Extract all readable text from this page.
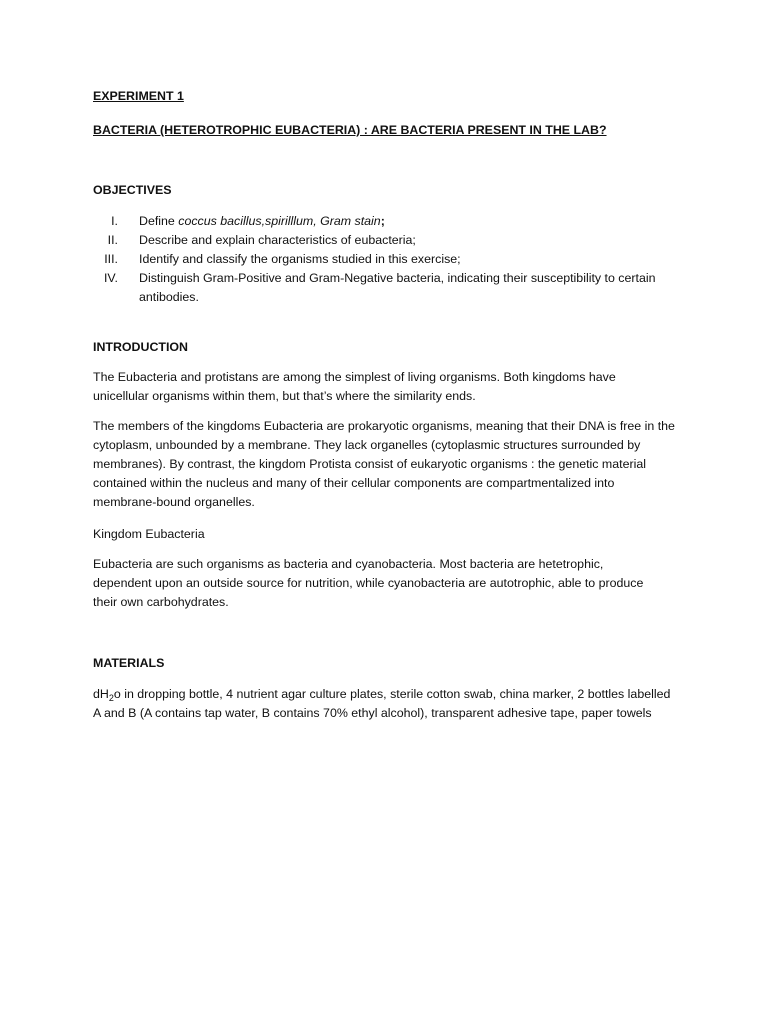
EXPERIMENT 1
BACTERIA (HETEROTROPHIC EUBACTERIA) : ARE BACTERIA PRESENT IN THE LAB?
OBJECTIVES
I. Define coccus bacillus,spirilllum, Gram stain;
II. Describe and explain characteristics of eubacteria;
III. Identify and classify the organisms studied in this exercise;
IV. Distinguish Gram-Positive and Gram-Negative bacteria, indicating their susceptibility to certain antibodies.
INTRODUCTION

The Eubacteria and protistans are among the simplest of living organisms. Both kingdoms have unicellular organisms within them, but that’s where the similarity ends.

The members of the kingdoms Eubacteria are prokaryotic organisms, meaning that their DNA is free in the cytoplasm, unbounded by a membrane. They lack organelles (cytoplasmic structures surrounded by membranes). By contrast, the kingdom Protista consist of eukaryotic organisms : the genetic material contained within the nucleus and many of their cellular components are compartmentalized into membrane-bound organelles.

Kingdom Eubacteria

Eubacteria are such organisms as bacteria and cyanobacteria. Most bacteria are hetetrophic, dependent upon an outside source for nutrition, while cyanobacteria are autotrophic, able to produce their own carbohydrates.

MATERIALS

$dH_2o$ in dropping bottle, 4 nutrient agar culture plates, sterile cotton swab, china marker, 2 bottles labelled A and B (A contains tap water, B contains 70% ethyl alcohol), transparent adhesive tape, paper towels
